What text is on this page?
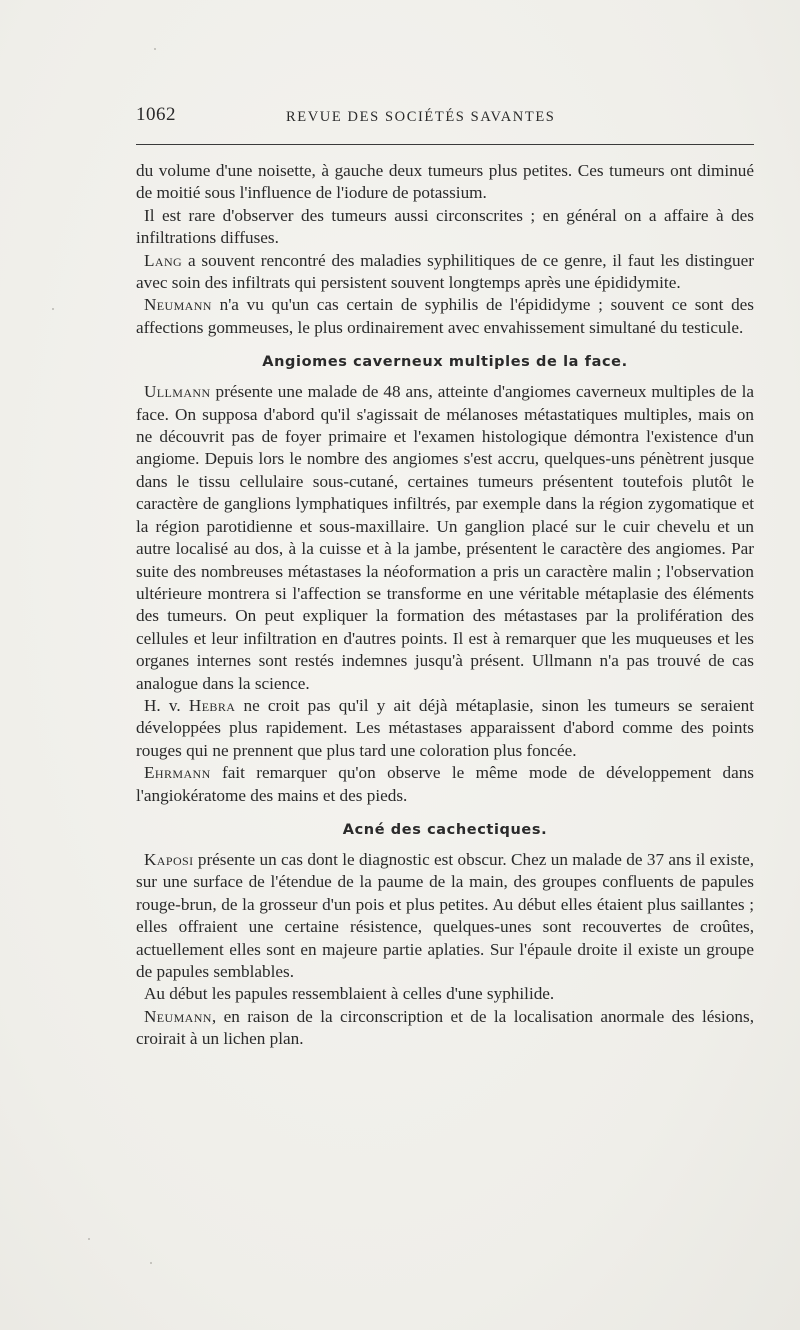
1062	REVUE DES SOCIÉTÉS SAVANTES

du volume d'une noisette, à gauche deux tumeurs plus petites. Ces tumeurs ont diminué de moitié sous l'influence de l'iodure de potassium.

Il est rare d'observer des tumeurs aussi circonscrites ; en général on a affaire à des infiltrations diffuses.

Lang a souvent rencontré des maladies syphilitiques de ce genre, il faut les distinguer avec soin des infiltrats qui persistent souvent longtemps après une épididymite.

Neumann n'a vu qu'un cas certain de syphilis de l'épididyme ; souvent ce sont des affections gommeuses, le plus ordinairement avec envahissement simultané du testicule.

Angiomes caverneux multiples de la face.

Ullmann présente une malade de 48 ans, atteinte d'angiomes caverneux multiples de la face. On supposa d'abord qu'il s'agissait de mélanoses métastatiques multiples, mais on ne découvrit pas de foyer primaire et l'examen histologique démontra l'existence d'un angiome. Depuis lors le nombre des angiomes s'est accru, quelques-uns pénètrent jusque dans le tissu cellulaire sous-cutané, certaines tumeurs présentent toutefois plutôt le caractère de ganglions lymphatiques infiltrés, par exemple dans la région zygomatique et la région parotidienne et sous-maxillaire. Un ganglion placé sur le cuir chevelu et un autre localisé au dos, à la cuisse et à la jambe, présentent le caractère des angiomes. Par suite des nombreuses métastases la néoformation a pris un caractère malin ; l'observation ultérieure montrera si l'affection se transforme en une véritable métaplasie des éléments des tumeurs. On peut expliquer la formation des métastases par la prolifération des cellules et leur infiltration en d'autres points. Il est à remarquer que les muqueuses et les organes internes sont restés indemnes jusqu'à présent. Ullmann n'a pas trouvé de cas analogue dans la science.

H. v. Hebra ne croit pas qu'il y ait déjà métaplasie, sinon les tumeurs se seraient développées plus rapidement. Les métastases apparaissent d'abord comme des points rouges qui ne prennent que plus tard une coloration plus foncée.

Ehrmann fait remarquer qu'on observe le même mode de développement dans l'angiokératome des mains et des pieds.

Acné des cachectiques.

Kaposi présente un cas dont le diagnostic est obscur. Chez un malade de 37 ans il existe, sur une surface de l'étendue de la paume de la main, des groupes confluents de papules rouge-brun, de la grosseur d'un pois et plus petites. Au début elles étaient plus saillantes ; elles offraient une certaine résistence, quelques-unes sont recouvertes de croûtes, actuellement elles sont en majeure partie aplaties. Sur l'épaule droite il existe un groupe de papules semblables.

Au début les papules ressemblaient à celles d'une syphilide.

Neumann, en raison de la circonscription et de la localisation anormale des lésions, croirait à un lichen plan.
